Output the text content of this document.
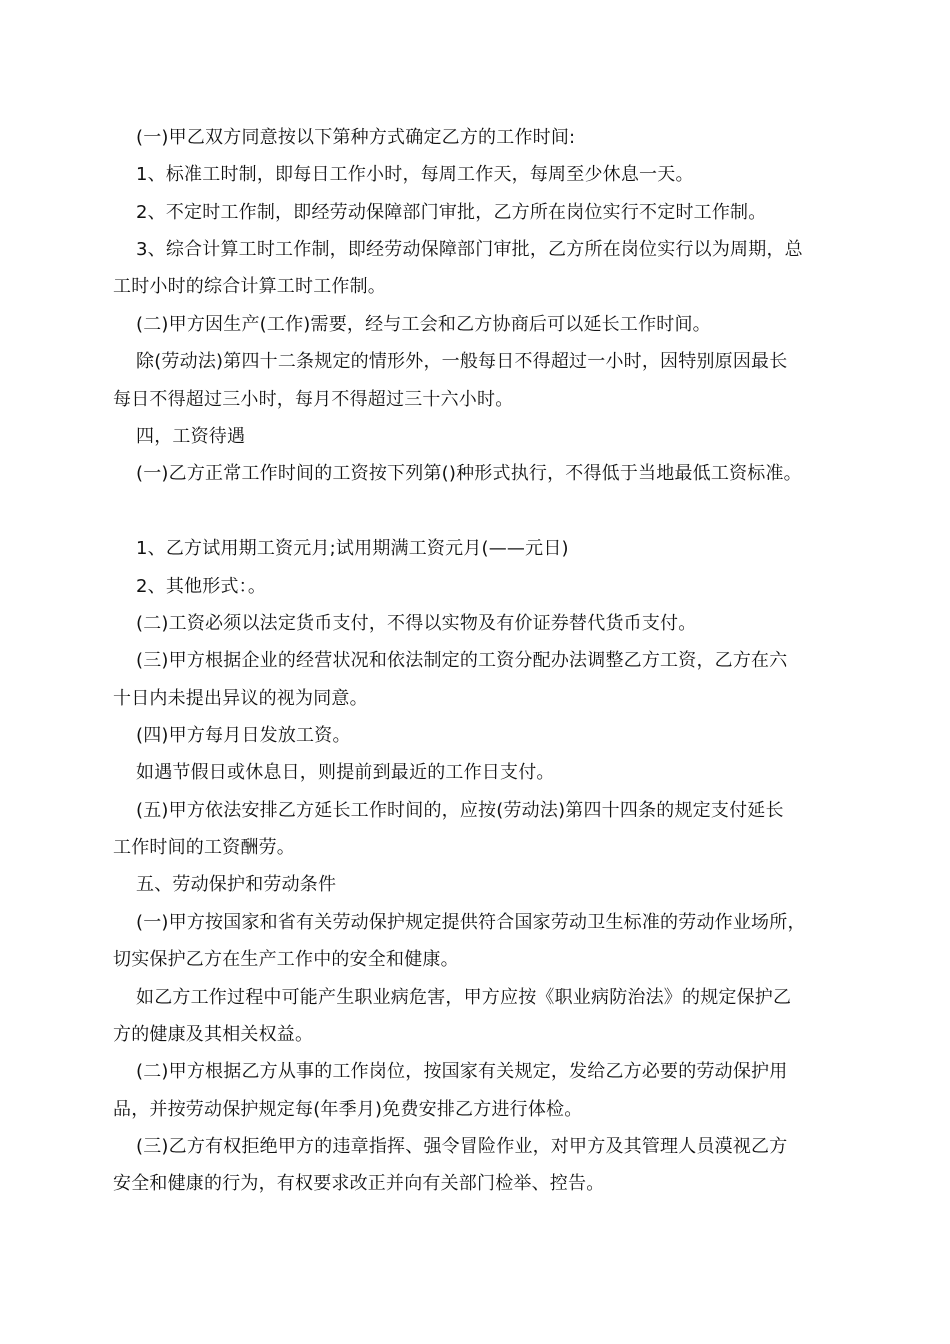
(一)甲乙双方同意按以下第种方式确定乙方的工作时间:
1、标准工时制，即每日工作小时，每周工作天，每周至少休息一天。
2、不定时工作制，即经劳动保障部门审批，乙方所在岗位实行不定时工作制。
3、综合计算工时工作制，即经劳动保障部门审批，乙方所在岗位实行以为周期，总
工时小时的综合计算工时工作制。
(二)甲方因生产(工作)需要，经与工会和乙方协商后可以延长工作时间。
除(劳动法)第四十二条规定的情形外，一般每日不得超过一小时，因特别原因最长
每日不得超过三小时，每月不得超过三十六小时。
四，工资待遇
(一)乙方正常工作时间的工资按下列第()种形式执行，不得低于当地最低工资标准。
1、乙方试用期工资元月;试用期满工资元月(——元日)
2、其他形式：。
(二)工资必须以法定货币支付，不得以实物及有价证券替代货币支付。
(三)甲方根据企业的经营状况和依法制定的工资分配办法调整乙方工资，乙方在六
十日内未提出异议的视为同意。
(四)甲方每月日发放工资。
如遇节假日或休息日，则提前到最近的工作日支付。
(五)甲方依法安排乙方延长工作时间的，应按(劳动法)第四十四条的规定支付延长
工作时间的工资酬劳。
五、劳动保护和劳动条件
(一)甲方按国家和省有关劳动保护规定提供符合国家劳动卫生标准的劳动作业场所，
切实保护乙方在生产工作中的安全和健康。
如乙方工作过程中可能产生职业病危害，甲方应按《职业病防治法》的规定保护乙
方的健康及其相关权益。
(二)甲方根据乙方从事的工作岗位，按国家有关规定，发给乙方必要的劳动保护用
品，并按劳动保护规定每(年季月)免费安排乙方进行体检。
(三)乙方有权拒绝甲方的违章指挥、强令冒险作业，对甲方及其管理人员漠视乙方
安全和健康的行为，有权要求改正并向有关部门检举、控告。
